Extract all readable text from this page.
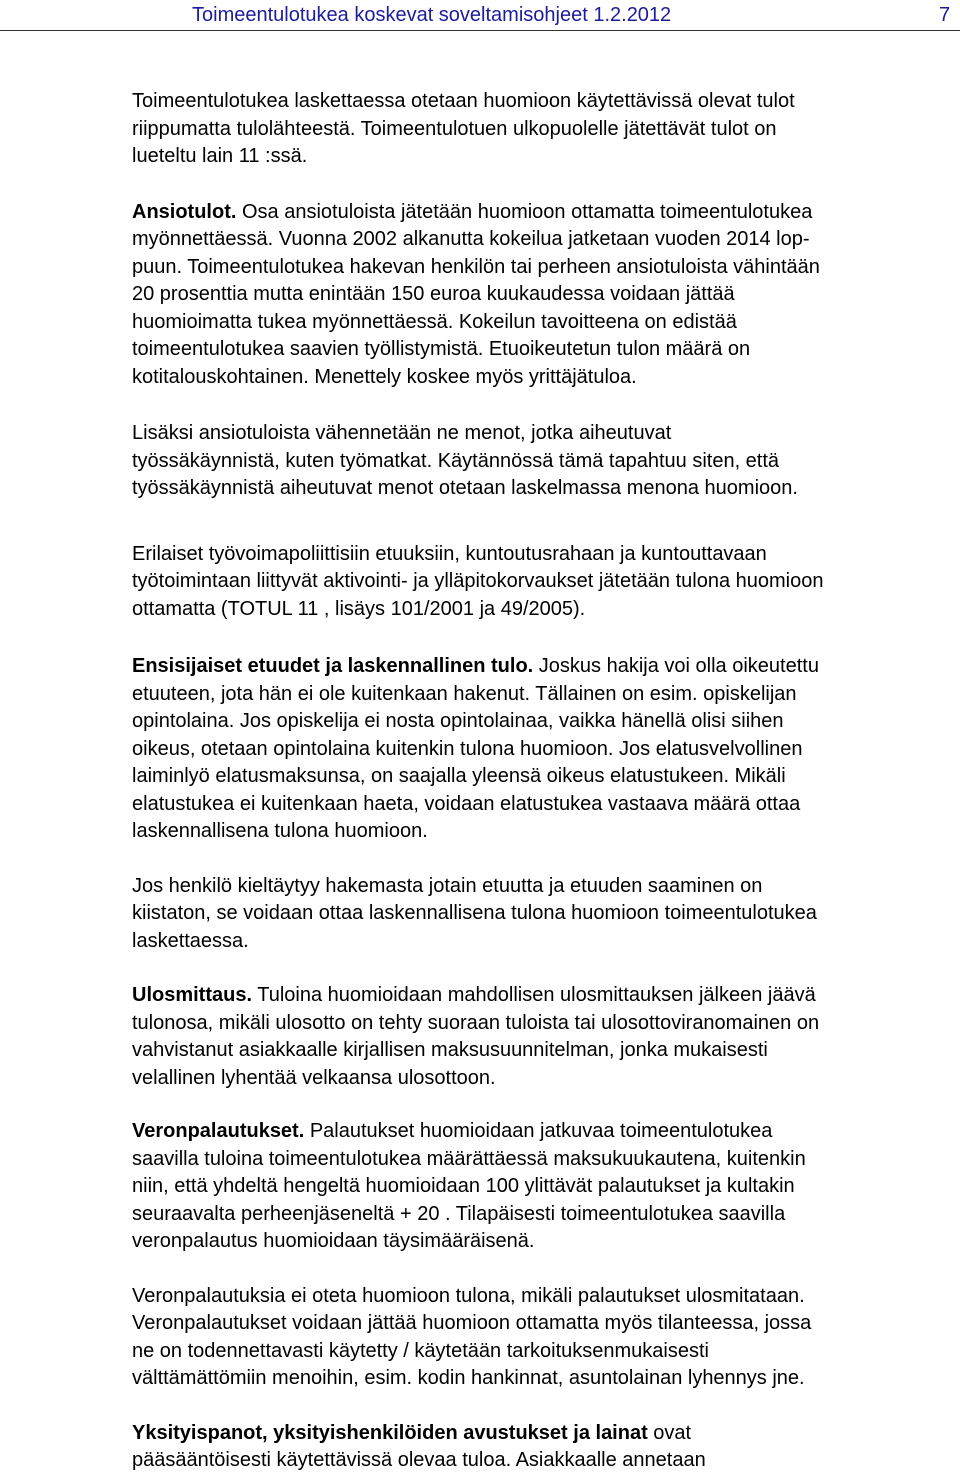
Toimeentulotukea koskevat soveltamisohjeet 1.2.2012	7

Toimeentulotukea laskettaessa otetaan huomioon käytettävissä olevat tulot
riippumatta tulolähteestä. Toimeentulotuen ulkopuolelle jätettävät tulot on
lueteltu lain 11 :ssä.

Ansiotulot. Osa ansiotuloista jätetään huomioon ottamatta toimeentulotukea
myönnettäessä. Vuonna 2002 alkanutta kokeilua jatketaan vuoden 2014 lop-
puun. Toimeentulotukea hakevan henkilön tai perheen ansiotuloista vähintään
20 prosenttia mutta enintään 150 euroa kuukaudessa voidaan jättää
huomioimatta tukea myönnettäessä. Kokeilun tavoitteena on edistää
toimeentulotukea saavien työllistymistä. Etuoikeutetun tulon määrä on
kotitalouskohtainen. Menettely koskee myös yrittäjätuloa.

Lisäksi ansiotuloista vähennetään ne menot, jotka aiheutuvat
työssäkäynnistä, kuten työmatkat. Käytännössä tämä tapahtuu siten, että
työssäkäynnistä aiheutuvat menot otetaan laskelmassa menona huomioon.

Erilaiset työvoimapoliittisiin etuuksiin, kuntoutusrahaan ja kuntouttavaan
työtoimintaan liittyvät aktivointi- ja ylläpitokorvaukset jätetään tulona huomioon
ottamatta (TOTUL 11 , lisäys 101/2001 ja 49/2005).

Ensisijaiset etuudet ja laskennallinen tulo. Joskus hakija voi olla oikeutettu
etuuteen, jota hän ei ole kuitenkaan hakenut. Tällainen on esim. opiskelijan
opintolaina. Jos opiskelija ei nosta opintolainaa, vaikka hänellä olisi siihen
oikeus, otetaan opintolaina kuitenkin tulona huomioon. Jos elatusvelvollinen
laiminlyö elatusmaksunsa, on saajalla yleensä oikeus elatustukeen. Mikäli
elatustukea ei kuitenkaan haeta, voidaan elatustukea vastaava määrä ottaa
laskennallisena tulona huomioon.

Jos henkilö kieltäytyy hakemasta jotain etuutta ja etuuden saaminen on
kiistaton, se voidaan ottaa laskennallisena tulona huomioon toimeentulotukea
laskettaessa.

Ulosmittaus. Tuloina huomioidaan mahdollisen ulosmittauksen jälkeen jäävä
tulonosa, mikäli ulosotto on tehty suoraan tuloista tai ulosottoviranomainen on
vahvistanut asiakkaalle kirjallisen maksusuunnitelman, jonka mukaisesti
velallinen lyhentää velkaansa ulosottoon.

Veronpalautukset. Palautukset huomioidaan jatkuvaa toimeentulotukea
saavilla tuloina toimeentulotukea määrättäessä maksukuukautena, kuitenkin
niin, että yhdeltä hengeltä huomioidaan 100 ylittävät palautukset ja kultakin
seuraavalta perheenjäseneltä + 20 . Tilapäisesti toimeentulotukea saavilla
veronpalautus huomioidaan täysimääräisenä.

Veronpalautuksia ei oteta huomioon tulona, mikäli palautukset ulosmitataan.
Veronpalautukset voidaan jättää huomioon ottamatta myös tilanteessa, jossa
ne on todennettavasti käytetty / käytetään tarkoituksenmukaisesti
välttämättömiin menoihin, esim. kodin hankinnat, asuntolainan lyhennys jne.

Yksityispanot, yksityishenkilöiden avustukset ja lainat ovat
pääsääntöisesti käytettävissä olevaa tuloa. Asiakkaalle annetaan
